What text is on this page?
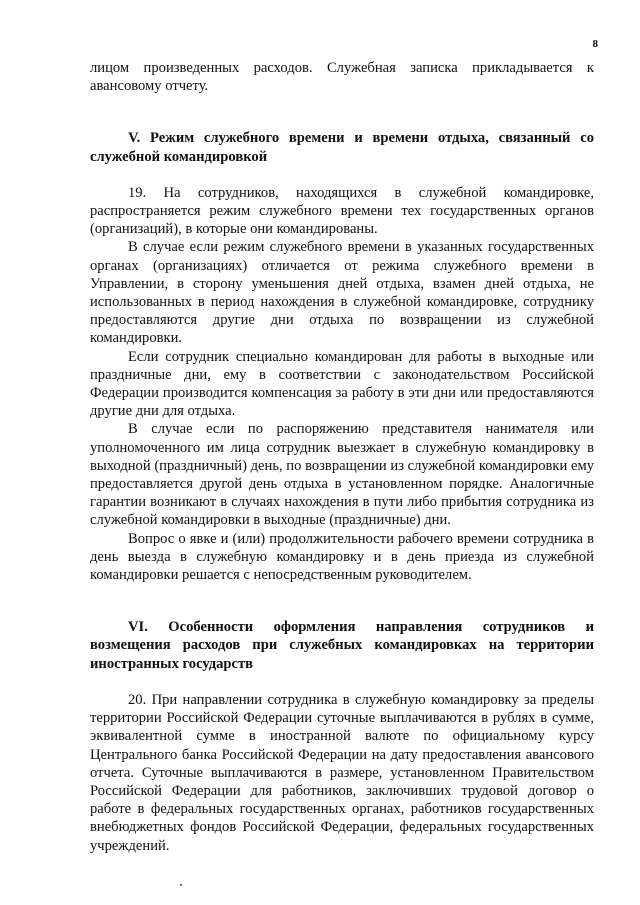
8

лицом произведенных расходов. Служебная записка прикладывается к авансовому отчету.

V. Режим служебного времени и времени отдыха, связанный со служебной командировкой

19. На сотрудников, находящихся в служебной командировке, распространяется режим служебного времени тех государственных органов (организаций), в которые они командированы.

В случае если режим служебного времени в указанных государственных органах (организациях) отличается от режима служебного времени в Управлении, в сторону уменьшения дней отдыха, взамен дней отдыха, не использованных в период нахождения в служебной командировке, сотруднику предоставляются другие дни отдыха по возвращении из служебной командировки.

Если сотрудник специально командирован для работы в выходные или праздничные дни, ему в соответствии с законодательством Российской Федерации производится компенсация за работу в эти дни или предоставляются другие дни для отдыха.

В случае если по распоряжению представителя нанимателя или уполномоченного им лица сотрудник выезжает в служебную командировку в выходной (праздничный) день, по возвращении из служебной командировки ему предоставляется другой день отдыха в установленном порядке. Аналогичные гарантии возникают в случаях нахождения в пути либо прибытия сотрудника из служебной командировки в выходные (праздничные) дни.

Вопрос о явке и (или) продолжительности рабочего времени сотрудника в день выезда в служебную командировку и в день приезда из служебной командировки решается с непосредственным руководителем.

VI. Особенности оформления направления сотрудников и возмещения расходов при служебных командировках на территории иностранных государств

20. При направлении сотрудника в служебную командировку за пределы территории Российской Федерации суточные выплачиваются в рублях в сумме, эквивалентной сумме в иностранной валюте по официальному курсу Центрального банка Российской Федерации на дату предоставления авансового отчета. Суточные выплачиваются в размере, установленном Правительством Российской Федерации для работников, заключивших трудовой договор о работе в федеральных государственных органах, работников государственных внебюджетных фондов Российской Федерации, федеральных государственных учреждений.
